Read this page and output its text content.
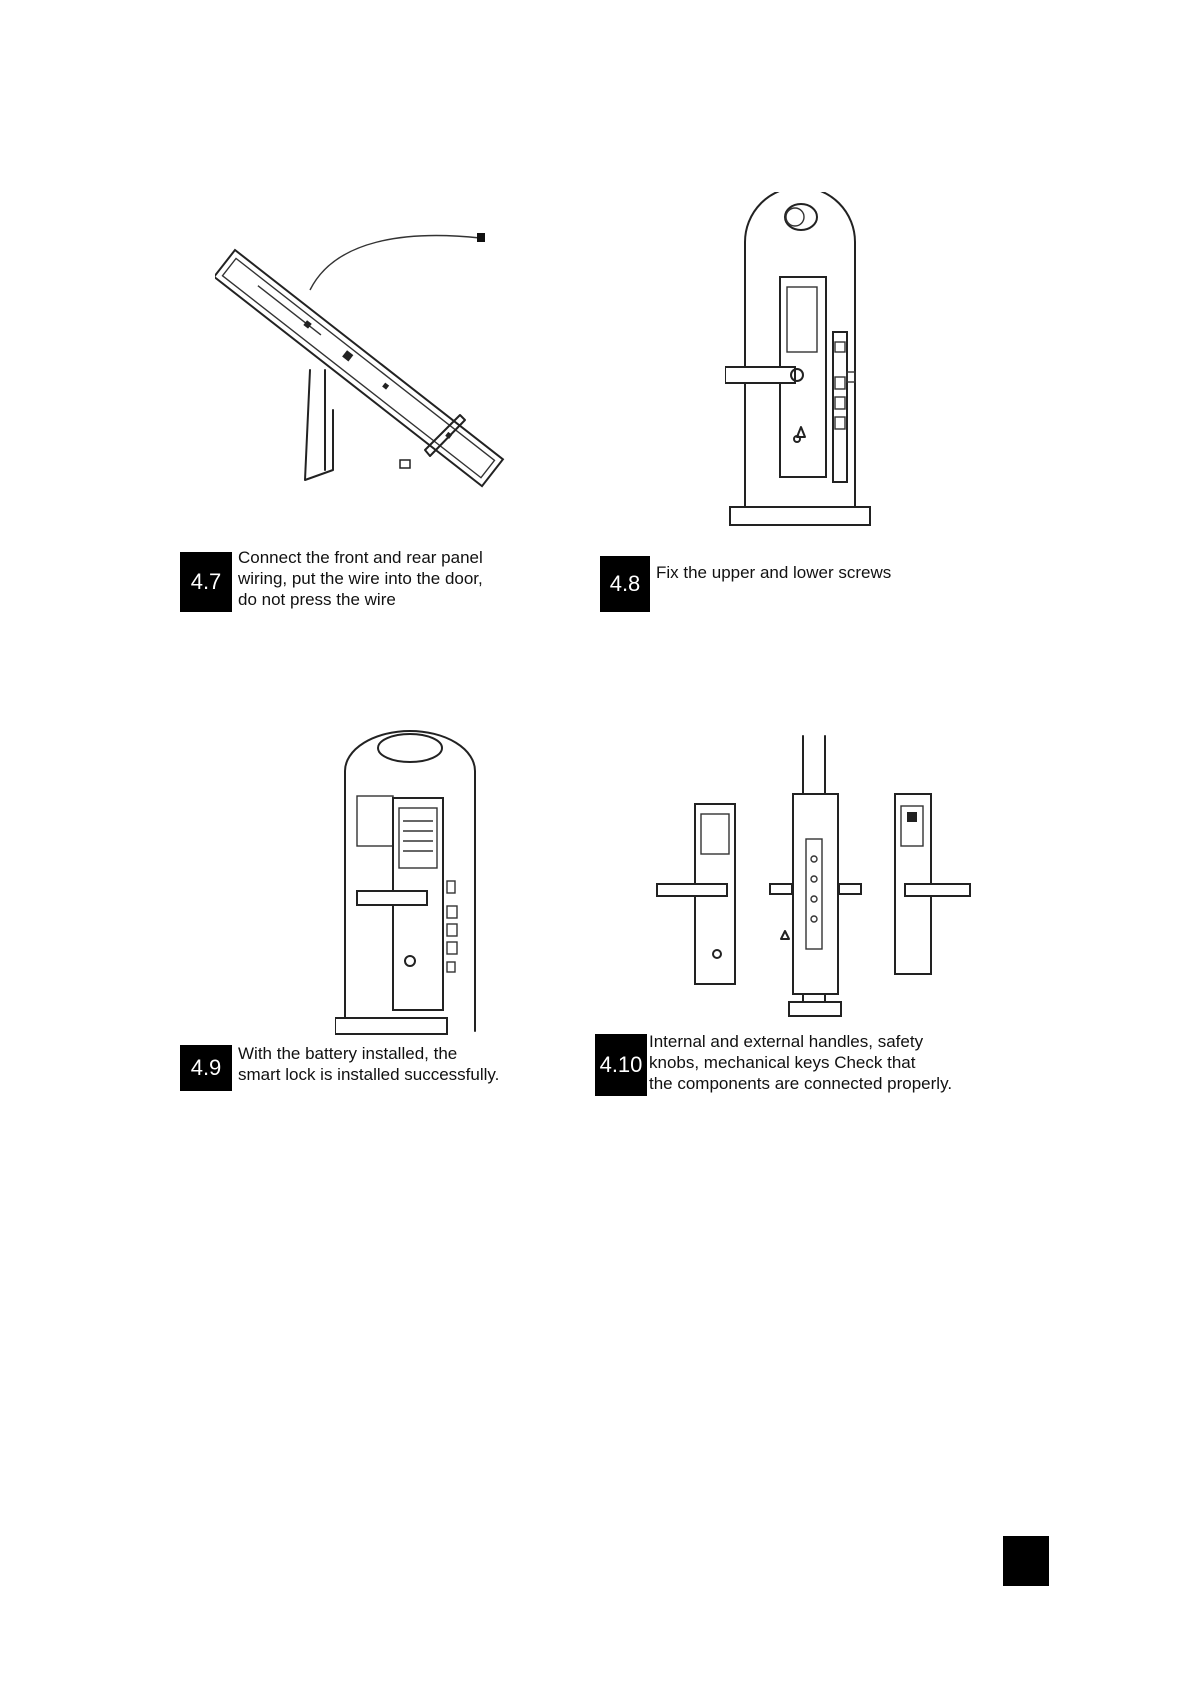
4.7
Connect the front and rear panel
wiring, put the wire into the door,
do not press the wire
4.8 Fix the upper and lower screws
4.9
With the battery installed, the
smart lock is installed successfully.	4.10
Internal and external handles, safety
knobs, mechanical keys Check that
the components are connected properly.
